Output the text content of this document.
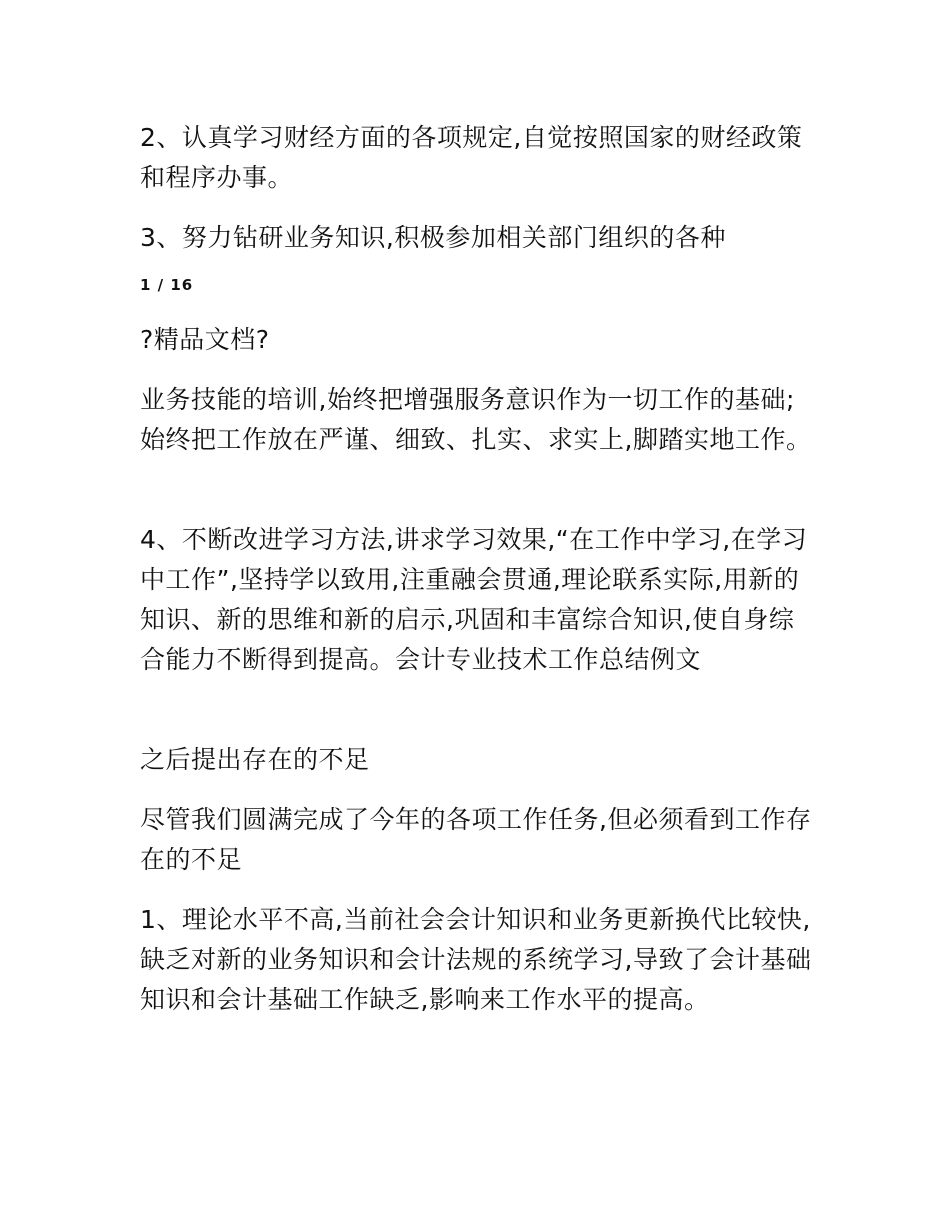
2、认真学习财经方面的各项规定,自觉按照国家的财经政策和程序办事。

3、努力钻研业务知识,积极参加相关部门组织的各种

1 / 16

?精品文档?

业务技能的培训,始终把增强服务意识作为一切工作的基础;始终把工作放在严谨、细致、扎实、求实上,脚踏实地工作。

4、不断改进学习方法,讲求学习效果,“在工作中学习,在学习中工作”,坚持学以致用,注重融会贯通,理论联系实际,用新的知识、新的思维和新的启示,巩固和丰富综合知识,使自身综合能力不断得到提高。会计专业技术工作总结例文

之后提出存在的不足

尽管我们圆满完成了今年的各项工作任务,但必须看到工作存在的不足

1、理论水平不高,当前社会会计知识和业务更新换代比较快,缺乏对新的业务知识和会计法规的系统学习,导致了会计基础知识和会计基础工作缺乏,影响来工作水平的提高。
